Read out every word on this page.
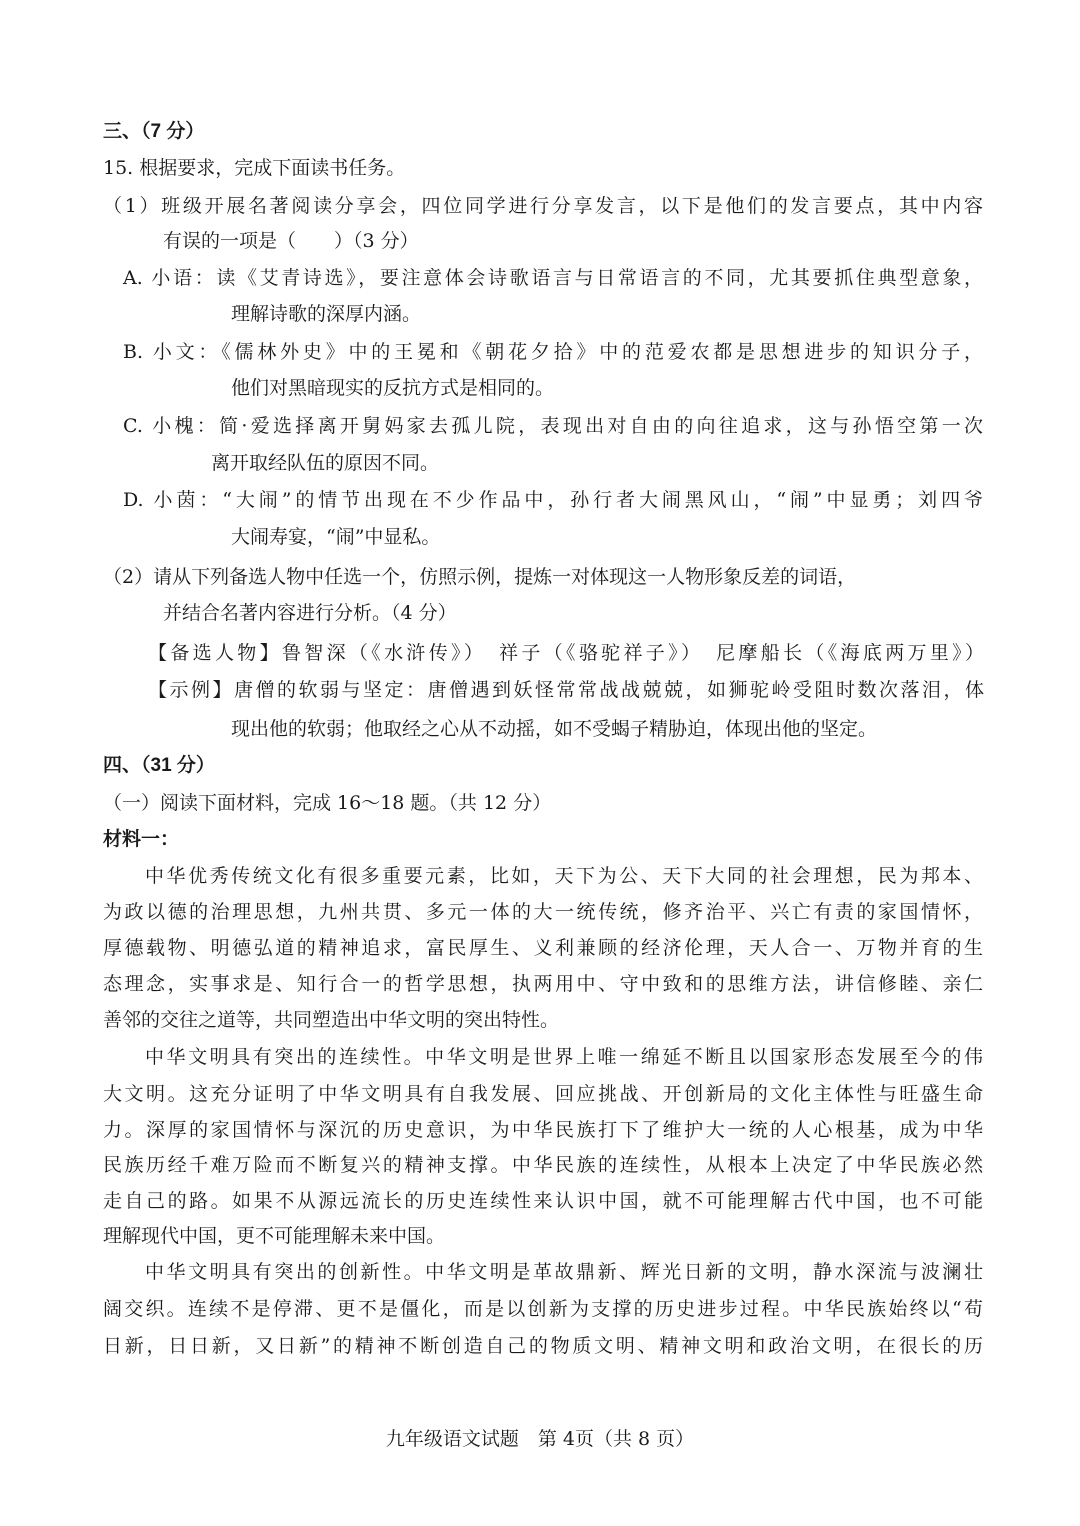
三、（7 分）
15. 根据要求，完成下面读书任务。
（1）班级开展名著阅读分享会，四位同学进行分享发言，以下是他们的发言要点，其中内容
有误的一项是（　　）（3 分）
A. 小语：读《艾青诗选》，要注意体会诗歌语言与日常语言的不同，尤其要抓住典型意象，
理解诗歌的深厚内涵。
B. 小文：《儒林外史》中的王冕和《朝花夕拾》中的范爱农都是思想进步的知识分子，
他们对黑暗现实的反抗方式是相同的。
C. 小槐：简·爱选择离开舅妈家去孤儿院，表现出对自由的向往追求，这与孙悟空第一次
离开取经队伍的原因不同。
D. 小茵：“大闹”的情节出现在不少作品中，孙行者大闹黑风山，“闹”中显勇；刘四爷
大闹寿宴，“闹”中显私。
（2）请从下列备选人物中任选一个，仿照示例，提炼一对体现这一人物形象反差的词语，
并结合名著内容进行分析。（4 分）
【备选人物】鲁智深（《水浒传》）　祥子（《骆驼祥子》）　尼摩船长（《海底两万里》）
【示例】唐僧的软弱与坚定：唐僧遇到妖怪常常战战兢兢，如狮驼岭受阻时数次落泪，体
现出他的软弱；他取经之心从不动摇，如不受蝎子精胁迫，体现出他的坚定。
四、（31 分）
（一）阅读下面材料，完成 16～18 题。（共 12 分）
材料一：
中华优秀传统文化有很多重要元素，比如，天下为公、天下大同的社会理想，民为邦本、
为政以德的治理思想，九州共贯、多元一体的大一统传统，修齐治平、兴亡有责的家国情怀，
厚德载物、明德弘道的精神追求，富民厚生、义利兼顾的经济伦理，天人合一、万物并育的生
态理念，实事求是、知行合一的哲学思想，执两用中、守中致和的思维方法，讲信修睦、亲仁
善邻的交往之道等，共同塑造出中华文明的突出特性。
中华文明具有突出的连续性。中华文明是世界上唯一绵延不断且以国家形态发展至今的伟
大文明。这充分证明了中华文明具有自我发展、回应挑战、开创新局的文化主体性与旺盛生命
力。深厚的家国情怀与深沉的历史意识，为中华民族打下了维护大一统的人心根基，成为中华
民族历经千难万险而不断复兴的精神支撑。中华民族的连续性，从根本上决定了中华民族必然
走自己的路。如果不从源远流长的历史连续性来认识中国，就不可能理解古代中国，也不可能
理解现代中国，更不可能理解未来中国。
中华文明具有突出的创新性。中华文明是革故鼎新、辉光日新的文明，静水深流与波澜壮
阔交织。连续不是停滞、更不是僵化，而是以创新为支撑的历史进步过程。中华民族始终以“苟
日新，日日新，又日新”的精神不断创造自己的物质文明、精神文明和政治文明，在很长的历
九年级语文试题　第 4页（共 8 页）
